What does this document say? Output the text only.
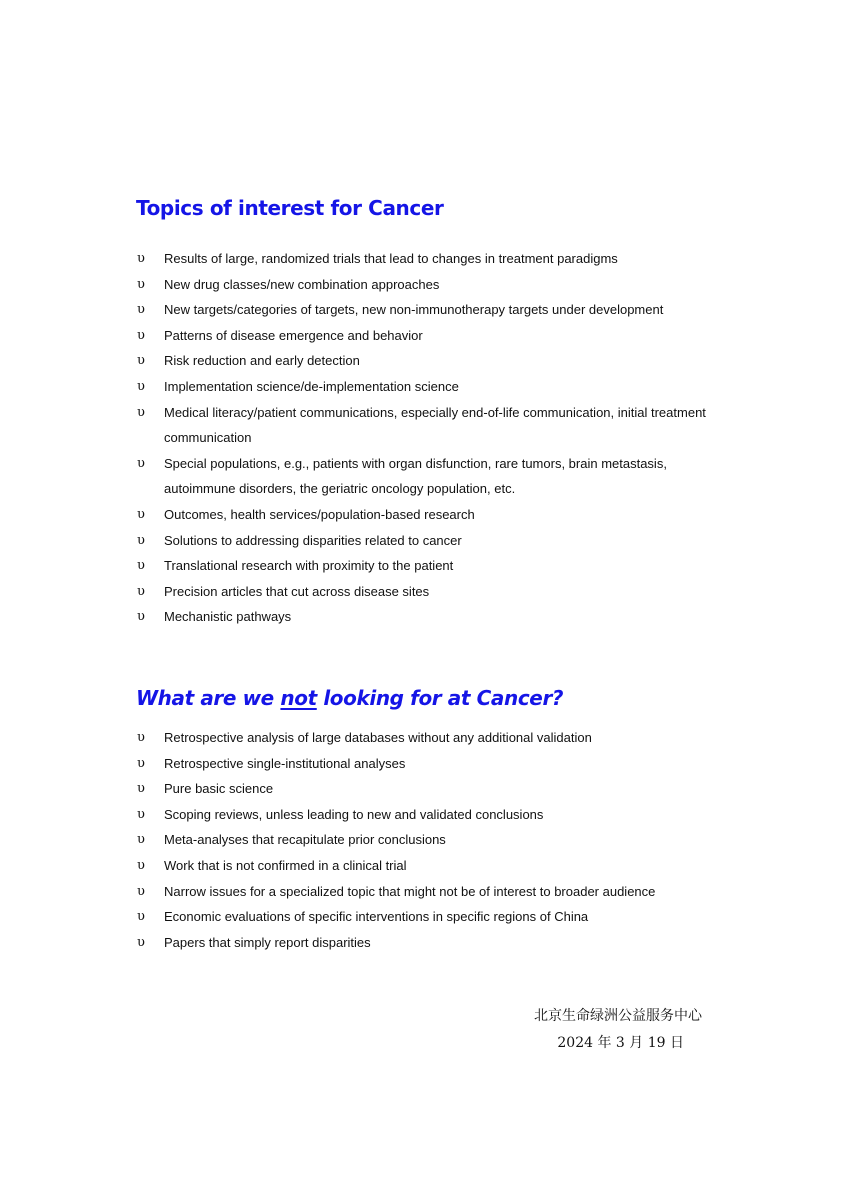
Topics of interest for Cancer
υ Results of large, randomized trials that lead to changes in treatment paradigms
υ New drug classes/new combination approaches
υ New targets/categories of targets, new non-immunotherapy targets under development
υ Patterns of disease emergence and behavior
υ Risk reduction and early detection
υ Implementation science/de-implementation science
υ Medical literacy/patient communications, especially end-of-life communication, initial treatment communication
υ Special populations, e.g., patients with organ disfunction, rare tumors, brain metastasis, autoimmune disorders, the geriatric oncology population, etc.
υ Outcomes, health services/population-based research
υ Solutions to addressing disparities related to cancer
υ Translational research with proximity to the patient
υ Precision articles that cut across disease sites
υ Mechanistic pathways
What are we not looking for at Cancer?
υ Retrospective analysis of large databases without any additional validation
υ Retrospective single-institutional analyses
υ Pure basic science
υ Scoping reviews, unless leading to new and validated conclusions
υ Meta-analyses that recapitulate prior conclusions
υ Work that is not confirmed in a clinical trial
υ Narrow issues for a specialized topic that might not be of interest to broader audience
υ Economic evaluations of specific interventions in specific regions of China
υ Papers that simply report disparities

北京生命绿洲公益服务中心

2024 年 3 月 19 日
